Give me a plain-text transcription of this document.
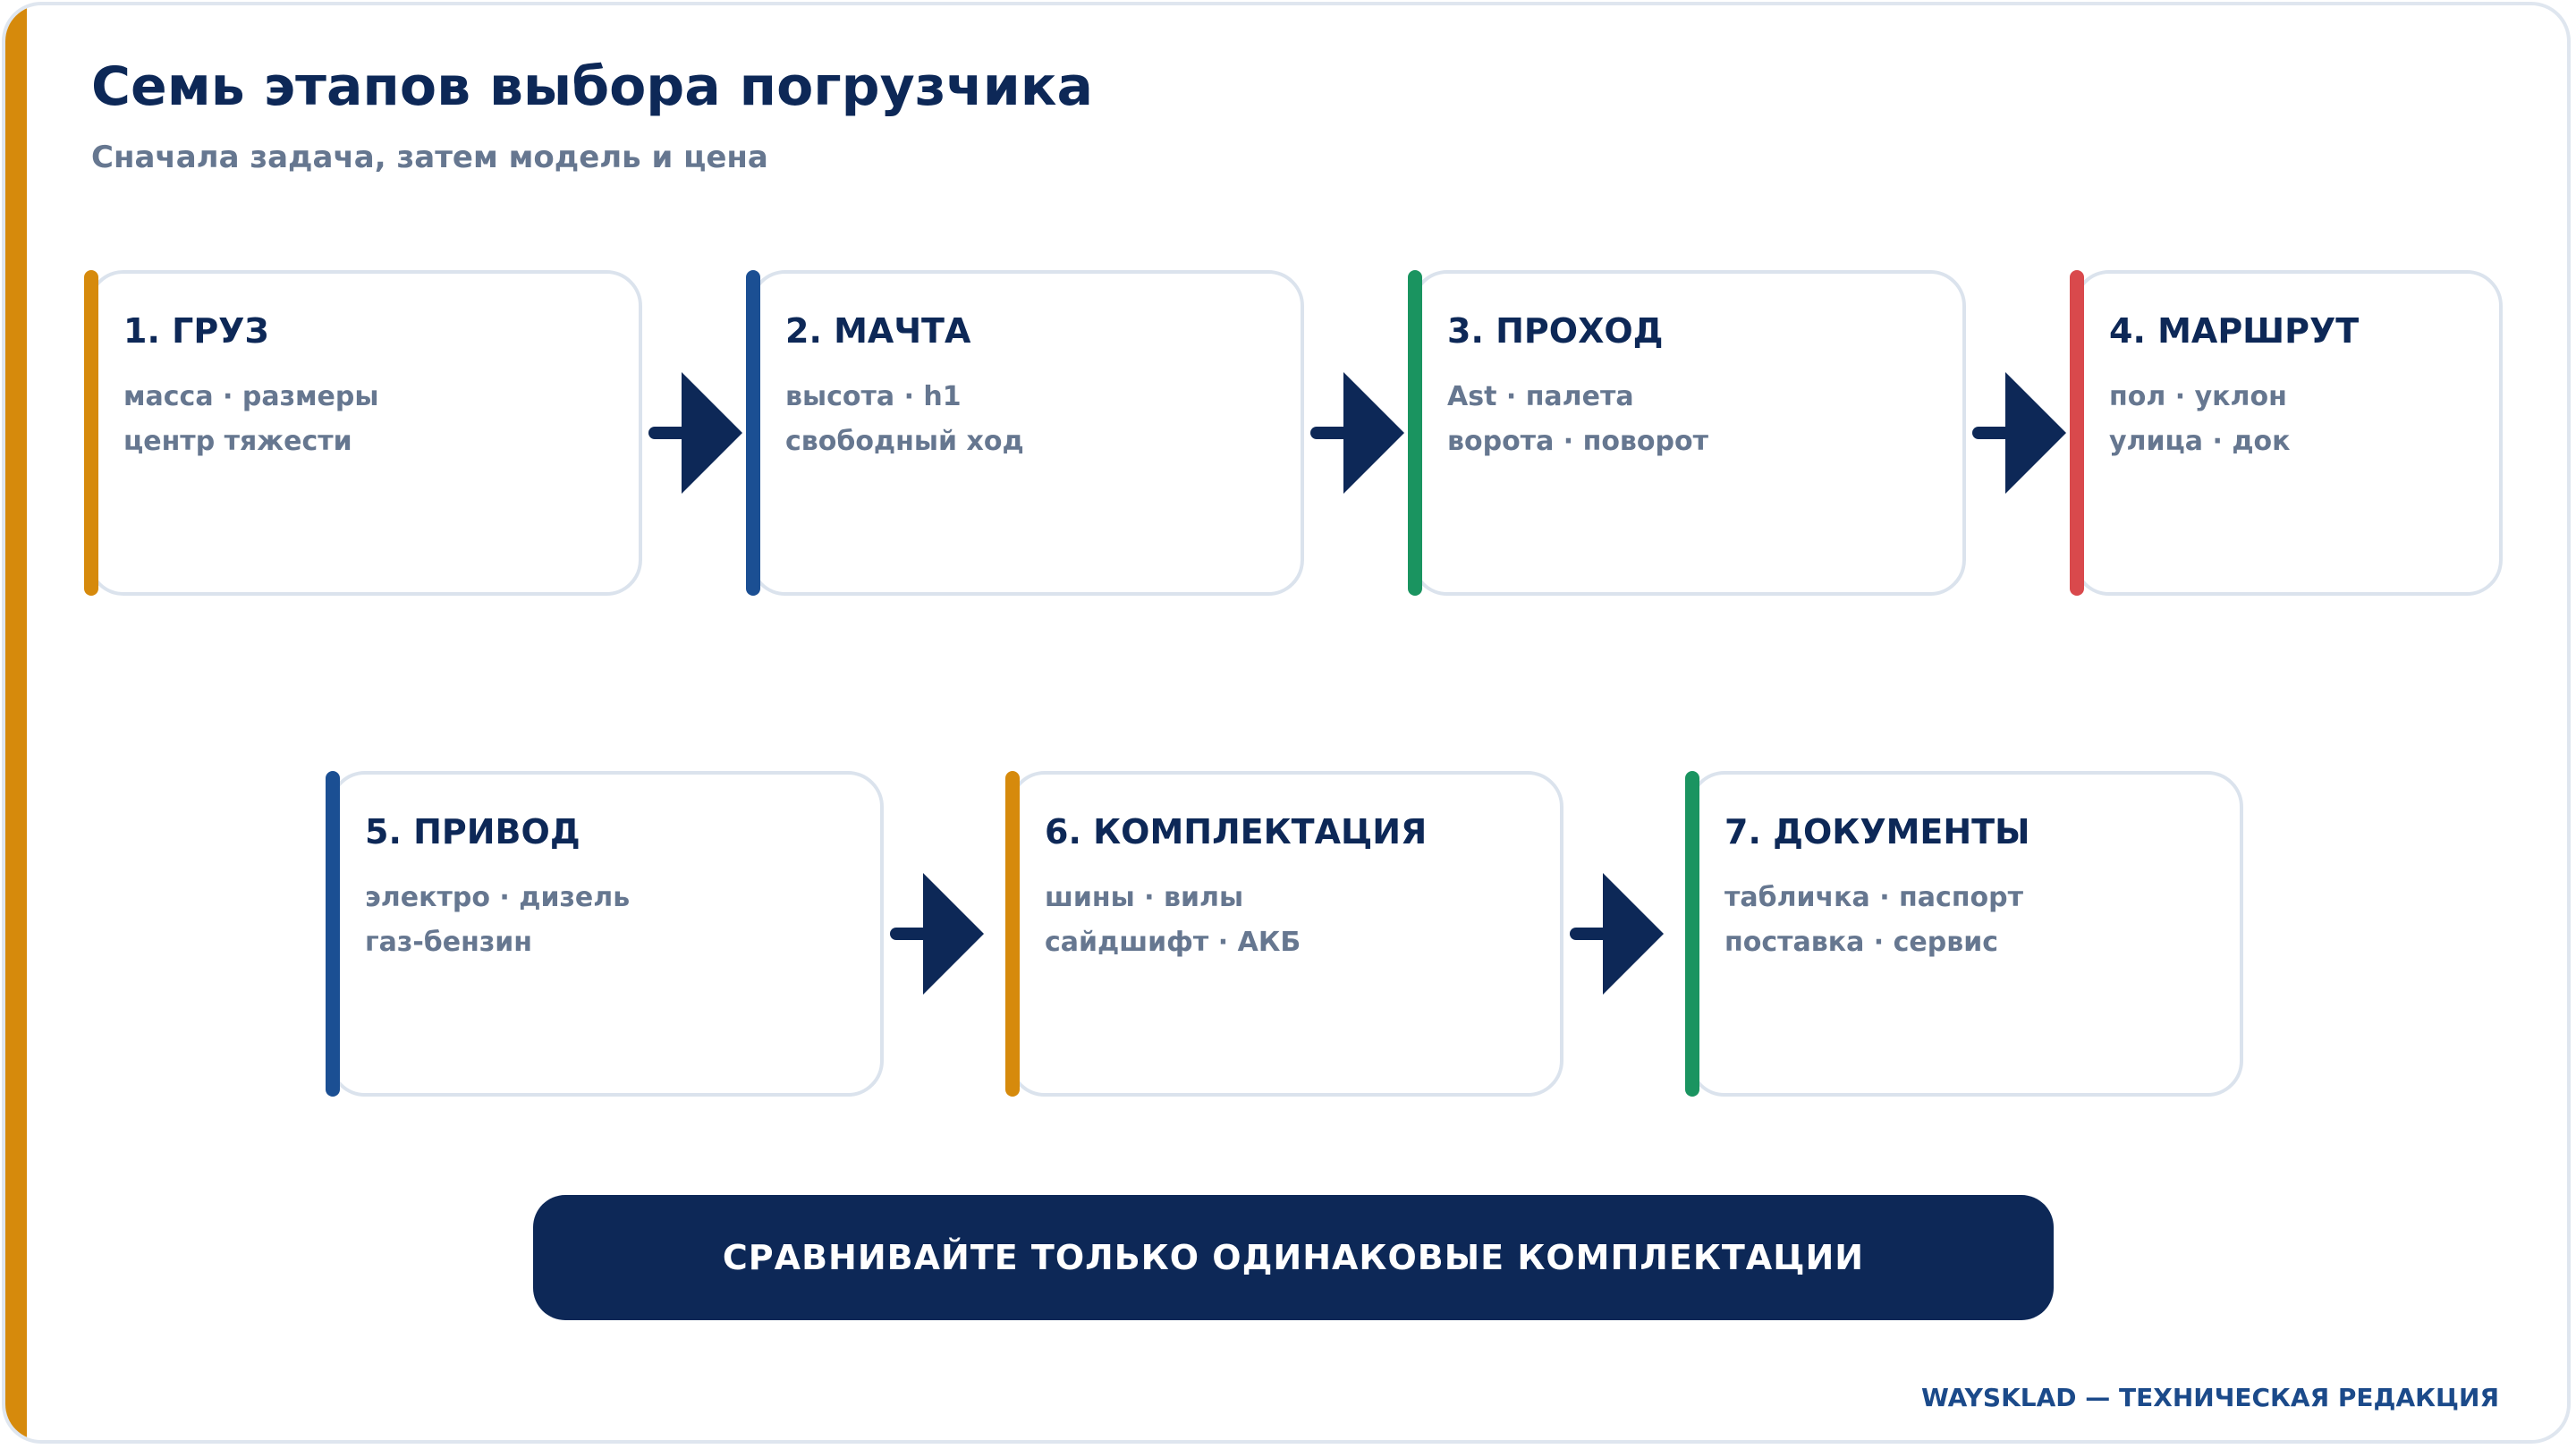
Семь этапов выбора погрузчика

Сначала задача, затем модель и цена

1. ГРУЗ
масса · размеры
центр тяжести
2. МАЧТА
высота · h1
свободный ход
3. ПРОХОД
Ast · палета
ворота · поворот
4. МАРШРУТ
пол · уклон
улица · док
5. ПРИВОД
электро · дизель
газ-бензин
6. КОМПЛЕКТАЦИЯ
шины · вилы
сайдшифт · АКБ
7. ДОКУМЕНТЫ
табличка · паспорт
поставка · сервис
СРАВНИВАЙТЕ ТОЛЬКО ОДИНАКОВЫЕ КОМПЛЕКТАЦИИ
WAYSKLAD — ТЕХНИЧЕСКАЯ РЕДАКЦИЯ
